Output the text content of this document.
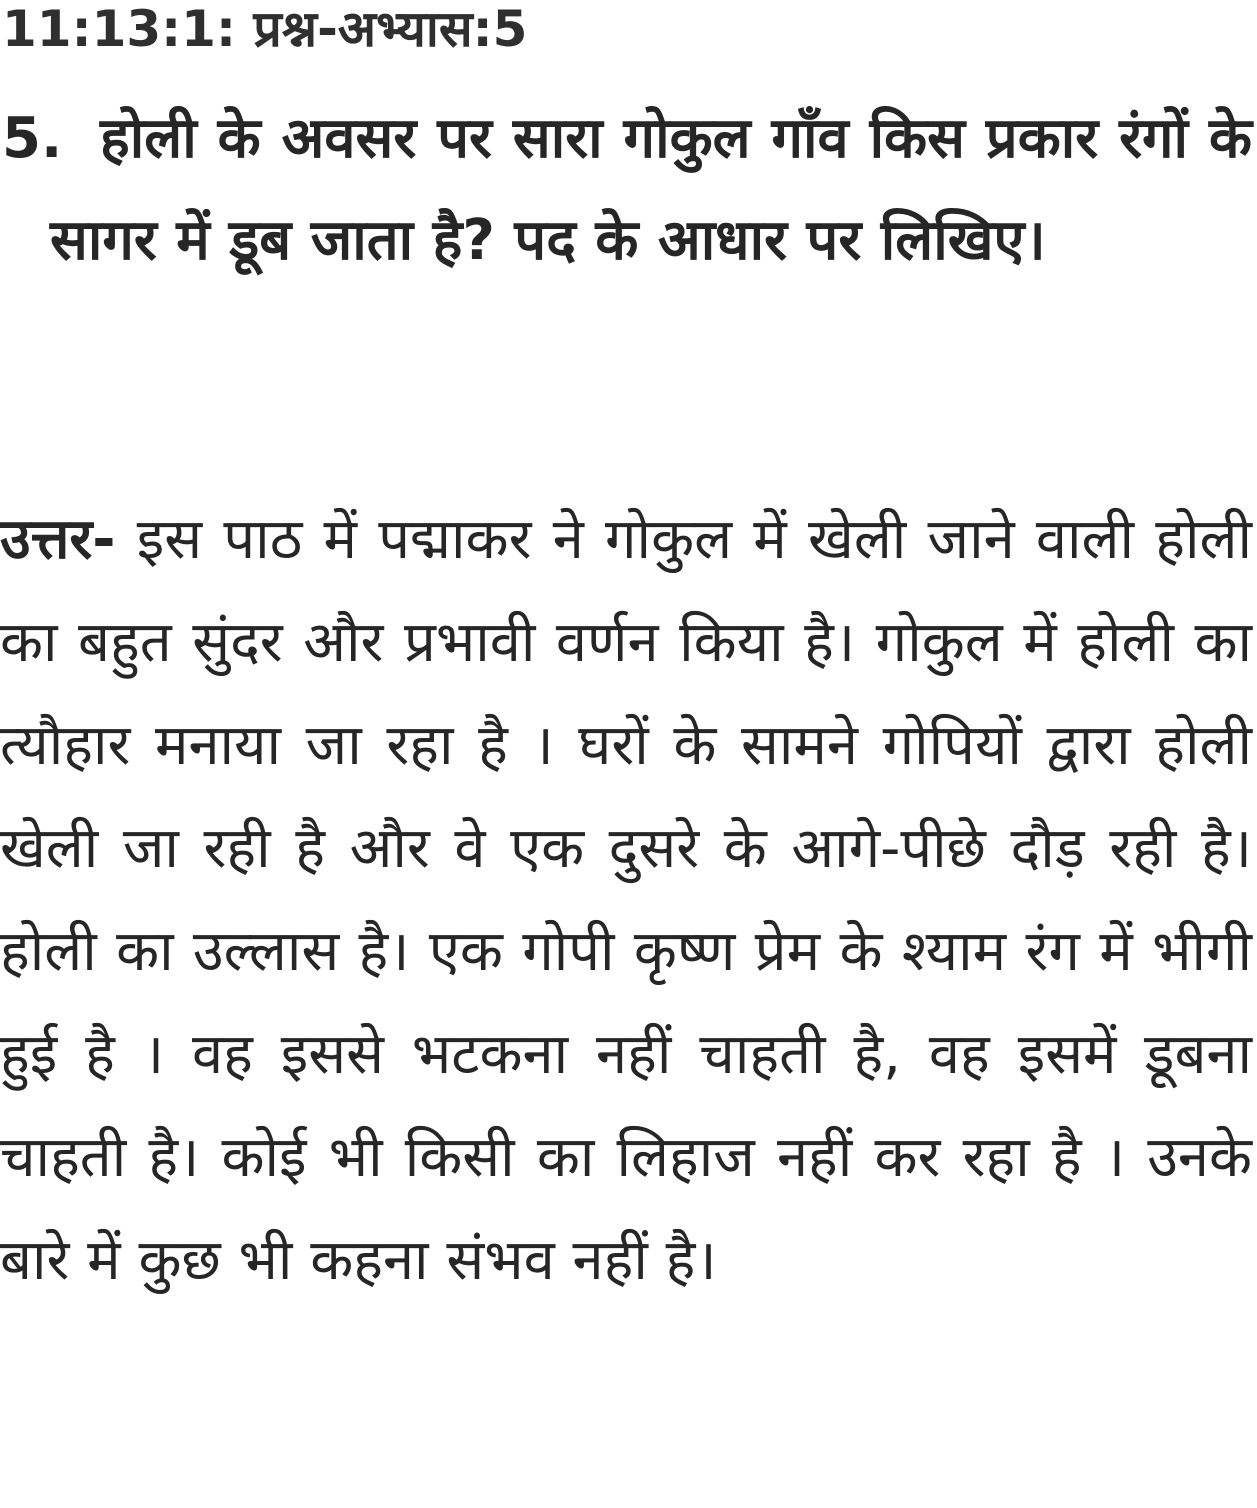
11:13:1: प्रश्न-अभ्यास:5
5. होली के अवसर पर सारा गोकुल गाँव किस प्रकार रंगों के सागर में डूब जाता है? पद के आधार पर लिखिए।

उत्तर- इस पाठ में पद्माकर ने गोकुल में खेली जाने वाली होली का बहुत सुंदर और प्रभावी वर्णन किया है। गोकुल में होली का त्यौहार मनाया जा रहा है । घरों के सामने गोपियों द्वारा होली खेली जा रही है और वे एक दुसरे के आगे-पीछे दौड़ रही है। होली का उल्लास है। एक गोपी कृष्ण प्रेम के श्याम रंग में भीगी हुई है । वह इससे भटकना नहीं चाहती है, वह इसमें डूबना चाहती है। कोई भी किसी का लिहाज नहीं कर रहा है । उनके बारे में कुछ भी कहना संभव नहीं है।
